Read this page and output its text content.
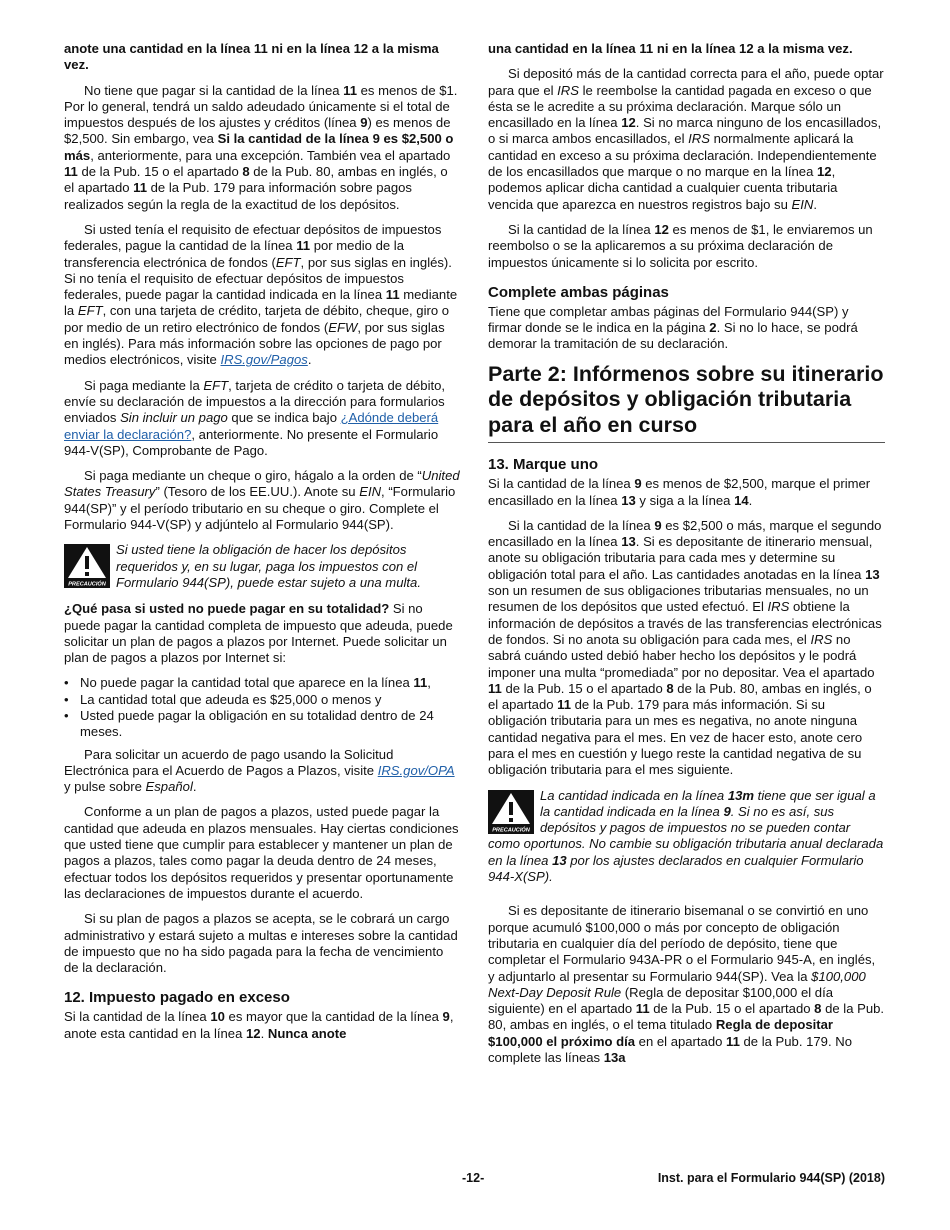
anote una cantidad en la línea 11 ni en la línea 12 a la misma vez.

No tiene que pagar si la cantidad de la línea 11 es menos de $1. Por lo general, tendrá un saldo adeudado únicamente si el total de impuestos después de los ajustes y créditos (línea 9) es menos de $2,500. Sin embargo, vea Si la cantidad de la línea 9 es $2,500 o más, anteriormente, para una excepción. También vea el apartado 11 de la Pub. 15 o el apartado 8 de la Pub. 80, ambas en inglés, o el apartado 11 de la Pub. 179 para información sobre pagos realizados según la regla de la exactitud de los depósitos.

Si usted tenía el requisito de efectuar depósitos de impuestos federales, pague la cantidad de la línea 11 por medio de la transferencia electrónica de fondos (EFT, por sus siglas en inglés). Si no tenía el requisito de efectuar depósitos de impuestos federales, puede pagar la cantidad indicada en la línea 11 mediante la EFT, con una tarjeta de crédito, tarjeta de débito, cheque, giro o por medio de un retiro electrónico de fondos (EFW, por sus siglas en inglés). Para más información sobre las opciones de pago por medios electrónicos, visite IRS.gov/Pagos.

Si paga mediante la EFT, tarjeta de crédito o tarjeta de débito, envíe su declaración de impuestos a la dirección para formularios enviados Sin incluir un pago que se indica bajo ¿Adónde deberá enviar la declaración?, anteriormente. No presente el Formulario 944-V(SP), Comprobante de Pago.

Si paga mediante un cheque o giro, hágalo a la orden de “United States Treasury” (Tesoro de los EE.UU.). Anote su EIN, “Formulario 944(SP)” y el período tributario en su cheque o giro. Complete el Formulario 944-V(SP) y adjúntelo al Formulario 944(SP).

PRECAUCIÓN
Si usted tiene la obligación de hacer los depósitos requeridos y, en su lugar, paga los impuestos con el Formulario 944(SP), puede estar sujeto a una multa.

¿Qué pasa si usted no puede pagar en su totalidad? Si no puede pagar la cantidad completa de impuesto que adeuda, puede solicitar un plan de pagos a plazos por Internet. Puede solicitar un plan de pagos a plazos por Internet si:

• No puede pagar la cantidad total que aparece en la línea 11,
• La cantidad total que adeuda es $25,000 o menos y
• Usted puede pagar la obligación en su totalidad dentro de 24 meses.

Para solicitar un acuerdo de pago usando la Solicitud Electrónica para el Acuerdo de Pagos a Plazos, visite IRS.gov/OPA y pulse sobre Español.

Conforme a un plan de pagos a plazos, usted puede pagar la cantidad que adeuda en plazos mensuales. Hay ciertas condiciones que usted tiene que cumplir para establecer y mantener un plan de pagos a plazos, tales como pagar la deuda dentro de 24 meses, efectuar todos los depósitos requeridos y presentar oportunamente las declaraciones de impuestos durante el acuerdo.

Si su plan de pagos a plazos se acepta, se le cobrará un cargo administrativo y estará sujeto a multas e intereses sobre la cantidad de impuesto que no ha sido pagada para la fecha de vencimiento de la declaración.

12. Impuesto pagado en exceso

Si la cantidad de la línea 10 es mayor que la cantidad de la línea 9, anote esta cantidad en la línea 12. Nunca anote

una cantidad en la línea 11 ni en la línea 12 a la misma vez.

Si depositó más de la cantidad correcta para el año, puede optar para que el IRS le reembolse la cantidad pagada en exceso o que ésta se le acredite a su próxima declaración. Marque sólo un encasillado en la línea 12. Si no marca ninguno de los encasillados, o si marca ambos encasillados, el IRS normalmente aplicará la cantidad en exceso a su próxima declaración. Independientemente de los encasillados que marque o no marque en la línea 12, podemos aplicar dicha cantidad a cualquier cuenta tributaria vencida que aparezca en nuestros registros bajo su EIN.

Si la cantidad de la línea 12 es menos de $1, le enviaremos un reembolso o se la aplicaremos a su próxima declaración de impuestos únicamente si lo solicita por escrito.

Complete ambas páginas

Tiene que completar ambas páginas del Formulario 944(SP) y firmar donde se le indica en la página 2. Si no lo hace, se podrá demorar la tramitación de su declaración.

Parte 2: Infórmenos sobre su itinerario de depósitos y obligación tributaria para el año en curso
13. Marque uno

Si la cantidad de la línea 9 es menos de $2,500, marque el primer encasillado en la línea 13 y siga a la línea 14.

Si la cantidad de la línea 9 es $2,500 o más, marque el segundo encasillado en la línea 13. Si es depositante de itinerario mensual, anote su obligación tributaria para cada mes y determine su obligación total para el año. Las cantidades anotadas en la línea 13 son un resumen de sus obligaciones tributarias mensuales, no un resumen de los depósitos que usted efectuó. El IRS obtiene la información de depósitos a través de las transferencias electrónicas de fondos. Si no anota su obligación para cada mes, el IRS no sabrá cuándo usted debió haber hecho los depósitos y le podrá imponer una multa “promediada” por no depositar. Vea el apartado 11 de la Pub. 15 o el apartado 8 de la Pub. 80, ambas en inglés, o el apartado 11 de la Pub. 179 para más información. Si su obligación tributaria para un mes es negativa, no anote ninguna cantidad negativa para el mes. En vez de hacer esto, anote cero para el mes en cuestión y luego reste la cantidad negativa de su obligación tributaria para el mes siguiente.

PRECAUCIÓN
La cantidad indicada en la línea 13m tiene que ser igual a la cantidad indicada en la línea 9. Si no es así, sus depósitos y pagos de impuestos no se pueden contar como oportunos. No cambie su obligación tributaria anual declarada en la línea 13 por los ajustes declarados en cualquier Formulario 944-X(SP).

Si es depositante de itinerario bisemanal o se convirtió en uno porque acumuló $100,000 o más por concepto de obligación tributaria en cualquier día del período de depósito, tiene que completar el Formulario 943A-PR o el Formulario 945-A, en inglés, y adjuntarlo al presentar su Formulario 944(SP). Vea la $100,000 Next-Day Deposit Rule (Regla de depositar $100,000 el día siguiente) en el apartado 11 de la Pub. 15 o el apartado 8 de la Pub. 80, ambas en inglés, o el tema titulado Regla de depositar $100,000 el próximo día en el apartado 11 de la Pub. 179. No complete las líneas 13a

-12-	Inst. para el Formulario 944(SP) (2018)
